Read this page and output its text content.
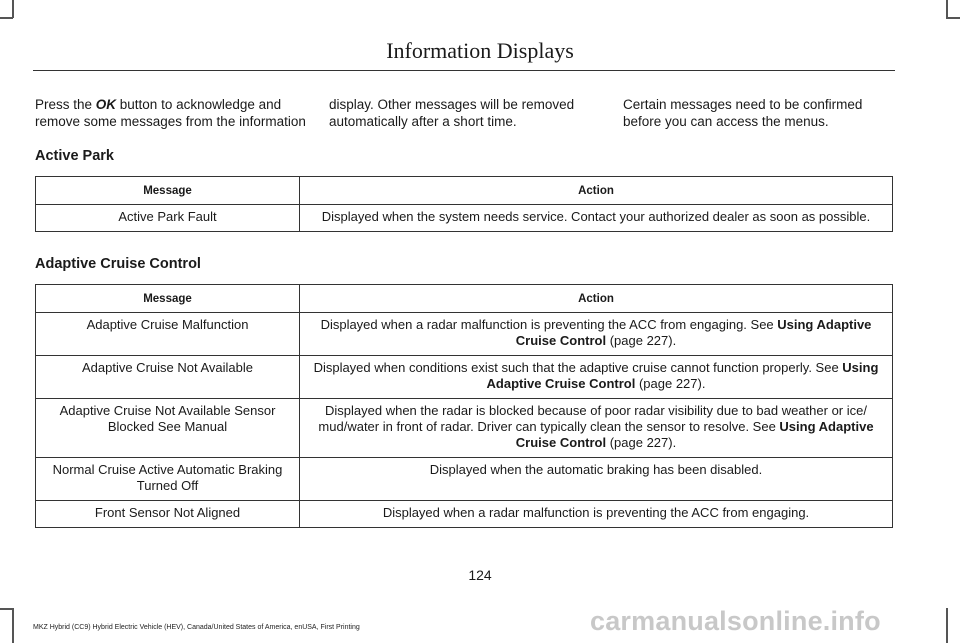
Information Displays
Press the OK button to acknowledge and remove some messages from the information
display. Other messages will be removed automatically after a short time.
Certain messages need to be confirmed before you can access the menus.
Active Park
Message	Action
Active Park Fault	Displayed when the system needs service. Contact your authorized dealer as soon as possible.
Adaptive Cruise Control
Message	Action
Adaptive Cruise Malfunction	Displayed when a radar malfunction is preventing the ACC from engaging. See Using Adaptive Cruise Control (page 227).
Adaptive Cruise Not Available	Displayed when conditions exist such that the adaptive cruise cannot function properly. See Using Adaptive Cruise Control (page 227).
Adaptive Cruise Not Available Sensor Blocked See Manual	Displayed when the radar is blocked because of poor radar visibility due to bad weather or ice/ mud/water in front of radar. Driver can typically clean the sensor to resolve. See Using Adaptive Cruise Control (page 227).
Normal Cruise Active Automatic Braking Turned Off	Displayed when the automatic braking has been disabled.
Front Sensor Not Aligned	Displayed when a radar malfunction is preventing the ACC from engaging.
124
MKZ Hybrid (CC9) Hybrid Electric Vehicle (HEV), Canada/United States of America, enUSA, First Printing	carmanualsonline.info
